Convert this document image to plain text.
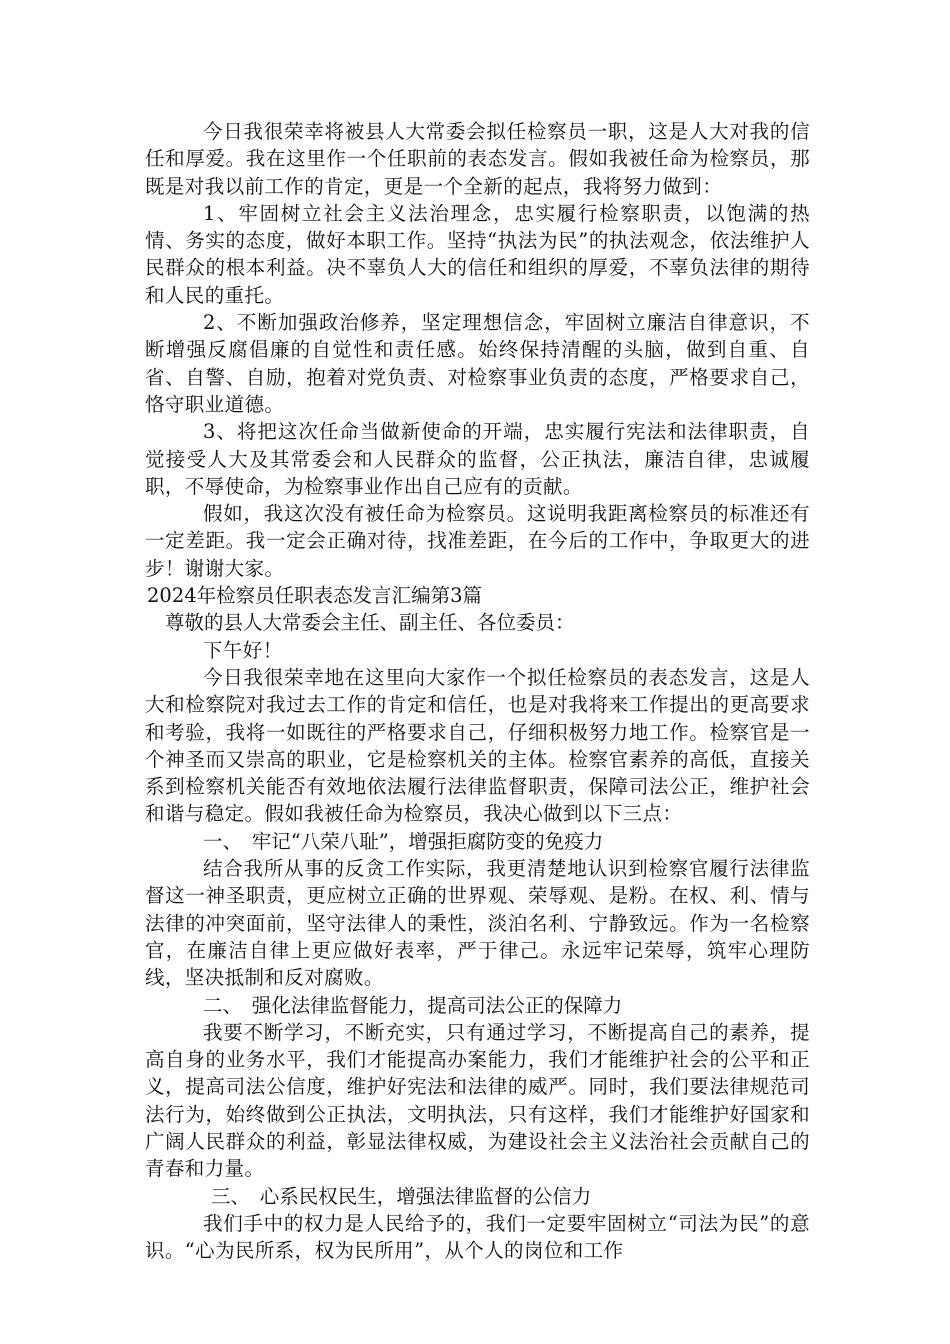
今日我很荣幸将被县人大常委会拟任检察员一职，这是人大对我的信任和厚爱。我在这里作一个任职前的表态发言。假如我被任命为检察员，那既是对我以前工作的肯定，更是一个全新的起点，我将努力做到：

1、牢固树立社会主义法治理念，忠实履行检察职责，以饱满的热情、务实的态度，做好本职工作。坚持“执法为民”的执法观念，依法维护人民群众的根本利益。决不辜负人大的信任和组织的厚爱，不辜负法律的期待和人民的重托。

2、不断加强政治修养，坚定理想信念，牢固树立廉洁自律意识，不断增强反腐倡廉的自觉性和责任感。始终保持清醒的头脑，做到自重、自省、自警、自励，抱着对党负责、对检察事业负责的态度，严格要求自己，恪守职业道德。

3、将把这次任命当做新使命的开端，忠实履行宪法和法律职责，自觉接受人大及其常委会和人民群众的监督，公正执法，廉洁自律，忠诚履职，不辱使命，为检察事业作出自己应有的贡献。

假如，我这次没有被任命为检察员。这说明我距离检察员的标准还有一定差距。我一定会正确对待，找准差距，在今后的工作中，争取更大的进步！谢谢大家。

2024年检察员任职表态发言汇编第3篇

尊敬的县人大常委会主任、副主任、各位委员：

下午好！

今日我很荣幸地在这里向大家作一个拟任检察员的表态发言，这是人大和检察院对我过去工作的肯定和信任，也是对我将来工作提出的更高要求和考验，我将一如既往的严格要求自己，仔细积极努力地工作。检察官是一个神圣而又崇高的职业，它是检察机关的主体。检察官素养的高低，直接关系到检察机关能否有效地依法履行法律监督职责，保障司法公正，维护社会和谐与稳定。假如我被任命为检察员，我决心做到以下三点：

一、　牢记“八荣八耻”，增强拒腐防变的免疫力

结合我所从事的反贪工作实际，我更清楚地认识到检察官履行法律监督这一神圣职责，更应树立正确的世界观、荣辱观、是粉。在权、利、情与法律的冲突面前，坚守法律人的秉性，淡泊名利、宁静致远。作为一名检察官，在廉洁自律上更应做好表率，严于律己。永远牢记荣辱，筑牢心理防线，坚决抵制和反对腐败。

二、　强化法律监督能力，提高司法公正的保障力

我要不断学习，不断充实，只有通过学习，不断提高自己的素养，提高自身的业务水平，我们才能提高办案能力，我们才能维护社会的公平和正义，提高司法公信度，维护好宪法和法律的威严。同时，我们要法律规范司法行为，始终做到公正执法，文明执法，只有这样，我们才能维护好国家和广阔人民群众的利益，彰显法律权威，为建设社会主义法治社会贡献自己的青春和力量。

三、　心系民权民生，增强法律监督的公信力

我们手中的权力是人民给予的，我们一定要牢固树立“司法为民”的意识。“心为民所系，权为民所用”，从个人的岗位和工作
